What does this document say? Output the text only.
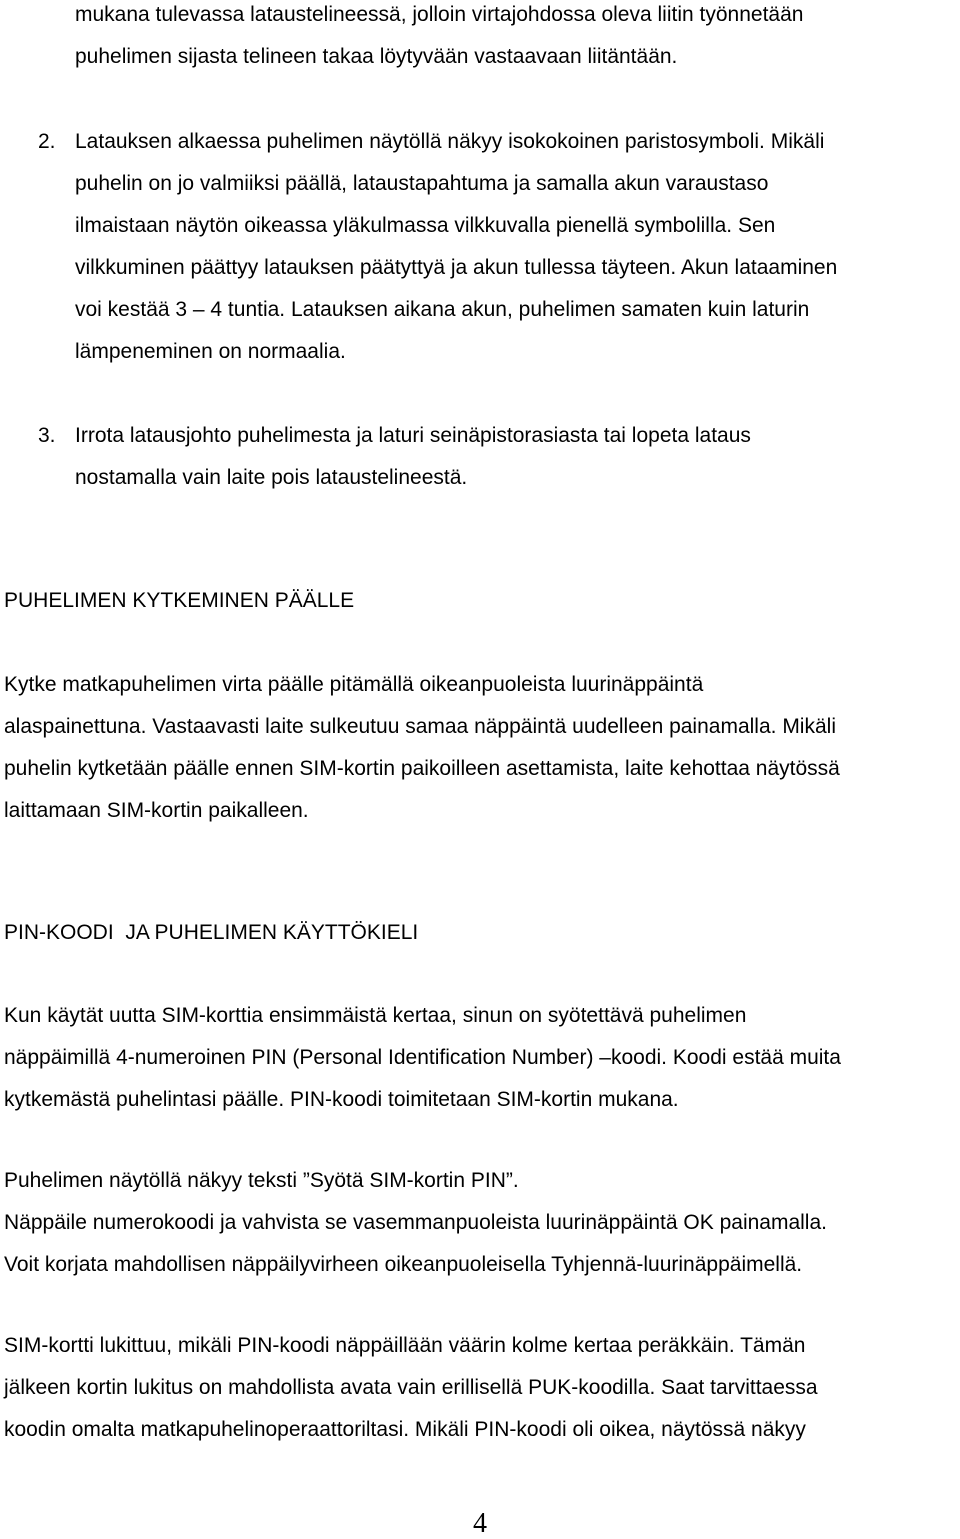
mukana tulevassa lataustelineessä, jolloin virtajohdossa oleva liitin työnnetään
puhelimen sijasta telineen takaa löytyvään vastaavaan liitäntään.
2. Latauksen alkaessa puhelimen näytöllä näkyy isokokoinen paristosymboli. Mikäli
puhelin on jo valmiiksi päällä, lataustapahtuma ja samalla akun varaustaso
ilmaistaan näytön oikeassa yläkulmassa vilkkuvalla pienellä symbolilla. Sen
vilkkuminen päättyy latauksen päätyttyä ja akun tullessa täyteen. Akun lataaminen
voi kestää 3 – 4 tuntia. Latauksen aikana akun, puhelimen samaten kuin laturin
lämpeneminen on normaalia.
3. Irrota latausjohto puhelimesta ja laturi seinäpistorasiasta tai lopeta lataus
nostamalla vain laite pois lataustelineestä.
PUHELIMEN KYTKEMINEN PÄÄLLE
Kytke matkapuhelimen virta päälle pitämällä oikeanpuoleista luurinäppäintä
alaspainettuna. Vastaavasti laite sulkeutuu samaa näppäintä uudelleen painamalla. Mikäli
puhelin kytketään päälle ennen SIM-kortin paikoilleen asettamista, laite kehottaa näytössä
laittamaan SIM-kortin paikalleen.
PIN-KOODI  JA PUHELIMEN KÄYTTÖKIELI
Kun käytät uutta SIM-korttia ensimmäistä kertaa, sinun on syötettävä puhelimen
näppäimillä 4-numeroinen PIN (Personal Identification Number) –koodi. Koodi estää muita
kytkemästä puhelintasi päälle. PIN-koodi toimitetaan SIM-kortin mukana.
Puhelimen näytöllä näkyy teksti ”Syötä SIM-kortin PIN”.
Näppäile numerokoodi ja vahvista se vasemmanpuoleista luurinäppäintä OK painamalla.
Voit korjata mahdollisen näppäilyvirheen oikeanpuoleisella Tyhjennä-luurinäppäimellä.
SIM-kortti lukittuu, mikäli PIN-koodi näppäillään väärin kolme kertaa peräkkäin. Tämän
jälkeen kortin lukitus on mahdollista avata vain erillisellä PUK-koodilla. Saat tarvittaessa
koodin omalta matkapuhelinoperaattoriltasi. Mikäli PIN-koodi oli oikea, näytössä näkyy
4
